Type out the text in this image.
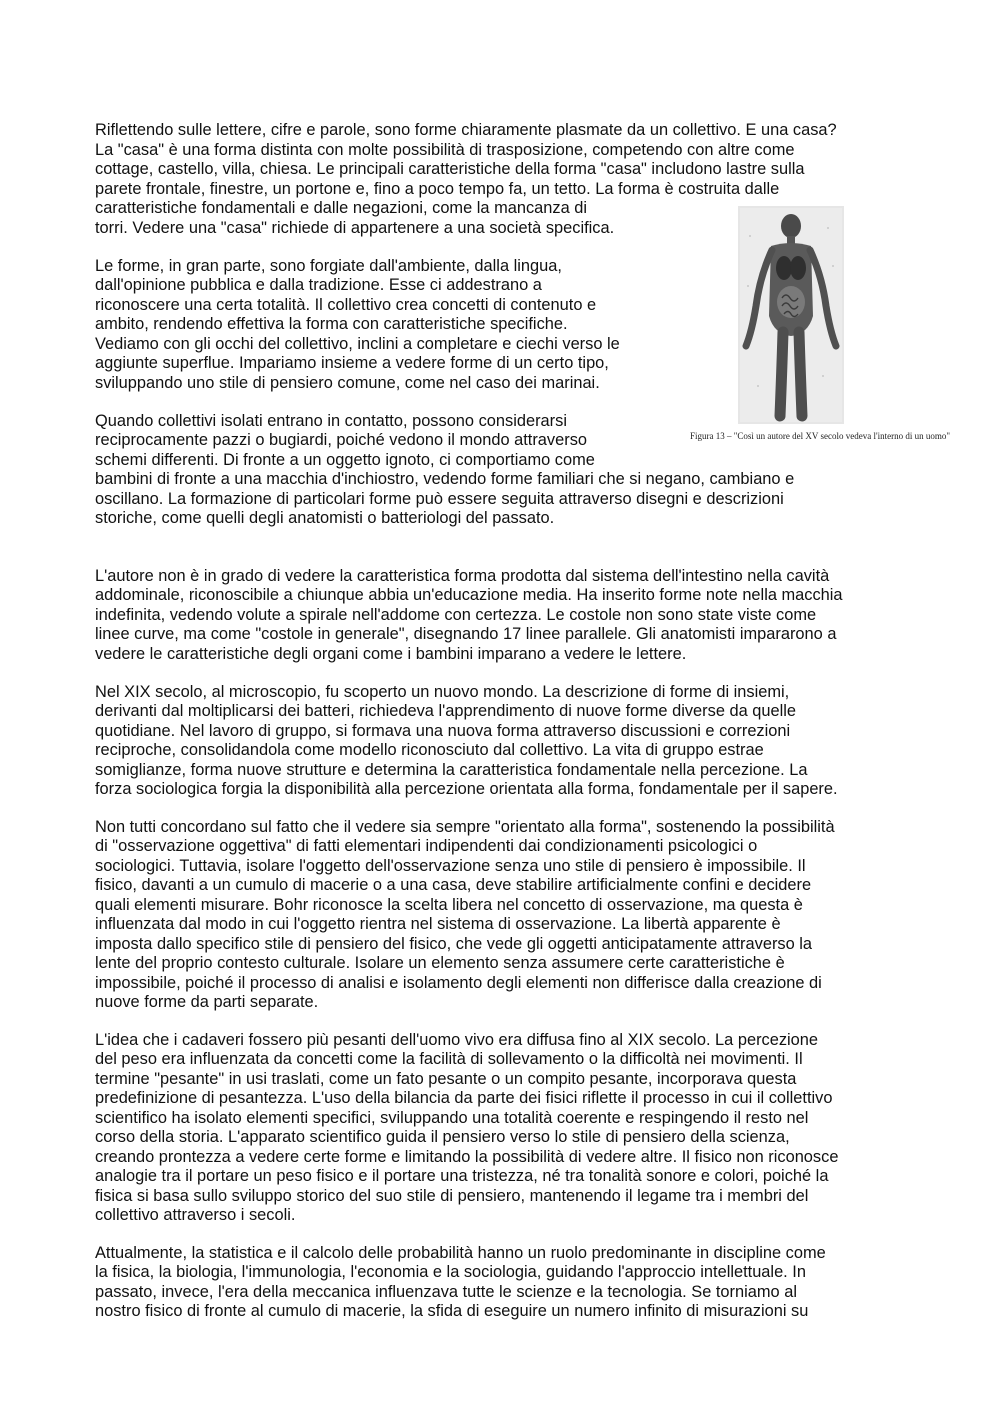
Riflettendo sulle lettere, cifre e parole, sono forme chiaramente plasmate da un collettivo. E una casa?
La "casa" è una forma distinta con molte possibilità di trasposizione, competendo con altre come
cottage, castello, villa, chiesa. Le principali caratteristiche della forma "casa" includono lastre sulla
parete frontale, finestre, un portone e, fino a poco tempo fa, un tetto. La forma è costruita dalle
caratteristiche fondamentali e dalle negazioni, come la mancanza di
torri. Vedere una "casa" richiede di appartenere a una società specifica.
Le forme, in gran parte, sono forgiate dall'ambiente, dalla lingua,
dall'opinione pubblica e dalla tradizione. Esse ci addestrano a
riconoscere una certa totalità. Il collettivo crea concetti di contenuto e
ambito, rendendo effettiva la forma con caratteristiche specifiche.
Vediamo con gli occhi del collettivo, inclini a completare e ciechi verso le
aggiunte superflue. Impariamo insieme a vedere forme di un certo tipo,
sviluppando uno stile di pensiero comune, come nel caso dei marinai.
Quando collettivi isolati entrano in contatto, possono considerarsi
reciprocamente pazzi o bugiardi, poiché vedono il mondo attraverso
schemi differenti. Di fronte a un oggetto ignoto, ci comportiamo come
bambini di fronte a una macchia d'inchiostro, vedendo forme familiari che si negano, cambiano e
oscillano. La formazione di particolari forme può essere seguita attraverso disegni e descrizioni
storiche, come quelli degli anatomisti o batteriologi del passato.
L'autore non è in grado di vedere la caratteristica forma prodotta dal sistema dell'intestino nella cavità
addominale, riconoscibile a chiunque abbia un'educazione media. Ha inserito forme note nella macchia
indefinita, vedendo volute a spirale nell'addome con certezza. Le costole non sono state viste come
linee curve, ma come "costole in generale", disegnando 17 linee parallele. Gli anatomisti impararono a
vedere le caratteristiche degli organi come i bambini imparano a vedere le lettere.
Nel XIX secolo, al microscopio, fu scoperto un nuovo mondo. La descrizione di forme di insiemi,
derivanti dal moltiplicarsi dei batteri, richiedeva l'apprendimento di nuove forme diverse da quelle
quotidiane. Nel lavoro di gruppo, si formava una nuova forma attraverso discussioni e correzioni
reciproche, consolidandola come modello riconosciuto dal collettivo. La vita di gruppo estrae
somiglianze, forma nuove strutture e determina la caratteristica fondamentale nella percezione. La
forza sociologica forgia la disponibilità alla percezione orientata alla forma, fondamentale per il sapere.
Non tutti concordano sul fatto che il vedere sia sempre "orientato alla forma", sostenendo la possibilità
di "osservazione oggettiva" di fatti elementari indipendenti dai condizionamenti psicologici o
sociologici. Tuttavia, isolare l'oggetto dell'osservazione senza uno stile di pensiero è impossibile. Il
fisico, davanti a un cumulo di macerie o a una casa, deve stabilire artificialmente confini e decidere
quali elementi misurare. Bohr riconosce la scelta libera nel concetto di osservazione, ma questa è
influenzata dal modo in cui l'oggetto rientra nel sistema di osservazione. La libertà apparente è
imposta dallo specifico stile di pensiero del fisico, che vede gli oggetti anticipatamente attraverso la
lente del proprio contesto culturale. Isolare un elemento senza assumere certe caratteristiche è
impossibile, poiché il processo di analisi e isolamento degli elementi non differisce dalla creazione di
nuove forme da parti separate.
L'idea che i cadaveri fossero più pesanti dell'uomo vivo era diffusa fino al XIX secolo. La percezione
del peso era influenzata da concetti come la facilità di sollevamento o la difficoltà nei movimenti. Il
termine "pesante" in usi traslati, come un fato pesante o un compito pesante, incorporava questa
predefinizione di pesantezza. L'uso della bilancia da parte dei fisici riflette il processo in cui il collettivo
scientifico ha isolato elementi specifici, sviluppando una totalità coerente e respingendo il resto nel
corso della storia. L'apparato scientifico guida il pensiero verso lo stile di pensiero della scienza,
creando prontezza a vedere certe forme e limitando la possibilità di vedere altre. Il fisico non riconosce
analogie tra il portare un peso fisico e il portare una tristezza, né tra tonalità sonore e colori, poiché la
fisica si basa sullo sviluppo storico del suo stile di pensiero, mantenendo il legame tra i membri del
collettivo attraverso i secoli.
Attualmente, la statistica e il calcolo delle probabilità hanno un ruolo predominante in discipline come
la fisica, la biologia, l'immunologia, l'economia e la sociologia, guidando l'approccio intellettuale. In
passato, invece, l'era della meccanica influenzava tutte le scienze e la tecnologia. Se torniamo al
nostro fisico di fronte al cumulo di macerie, la sfida di eseguire un numero infinito di misurazioni su
Figura 13 – "Così un autore del XV secolo vedeva l'interno di un uomo"
